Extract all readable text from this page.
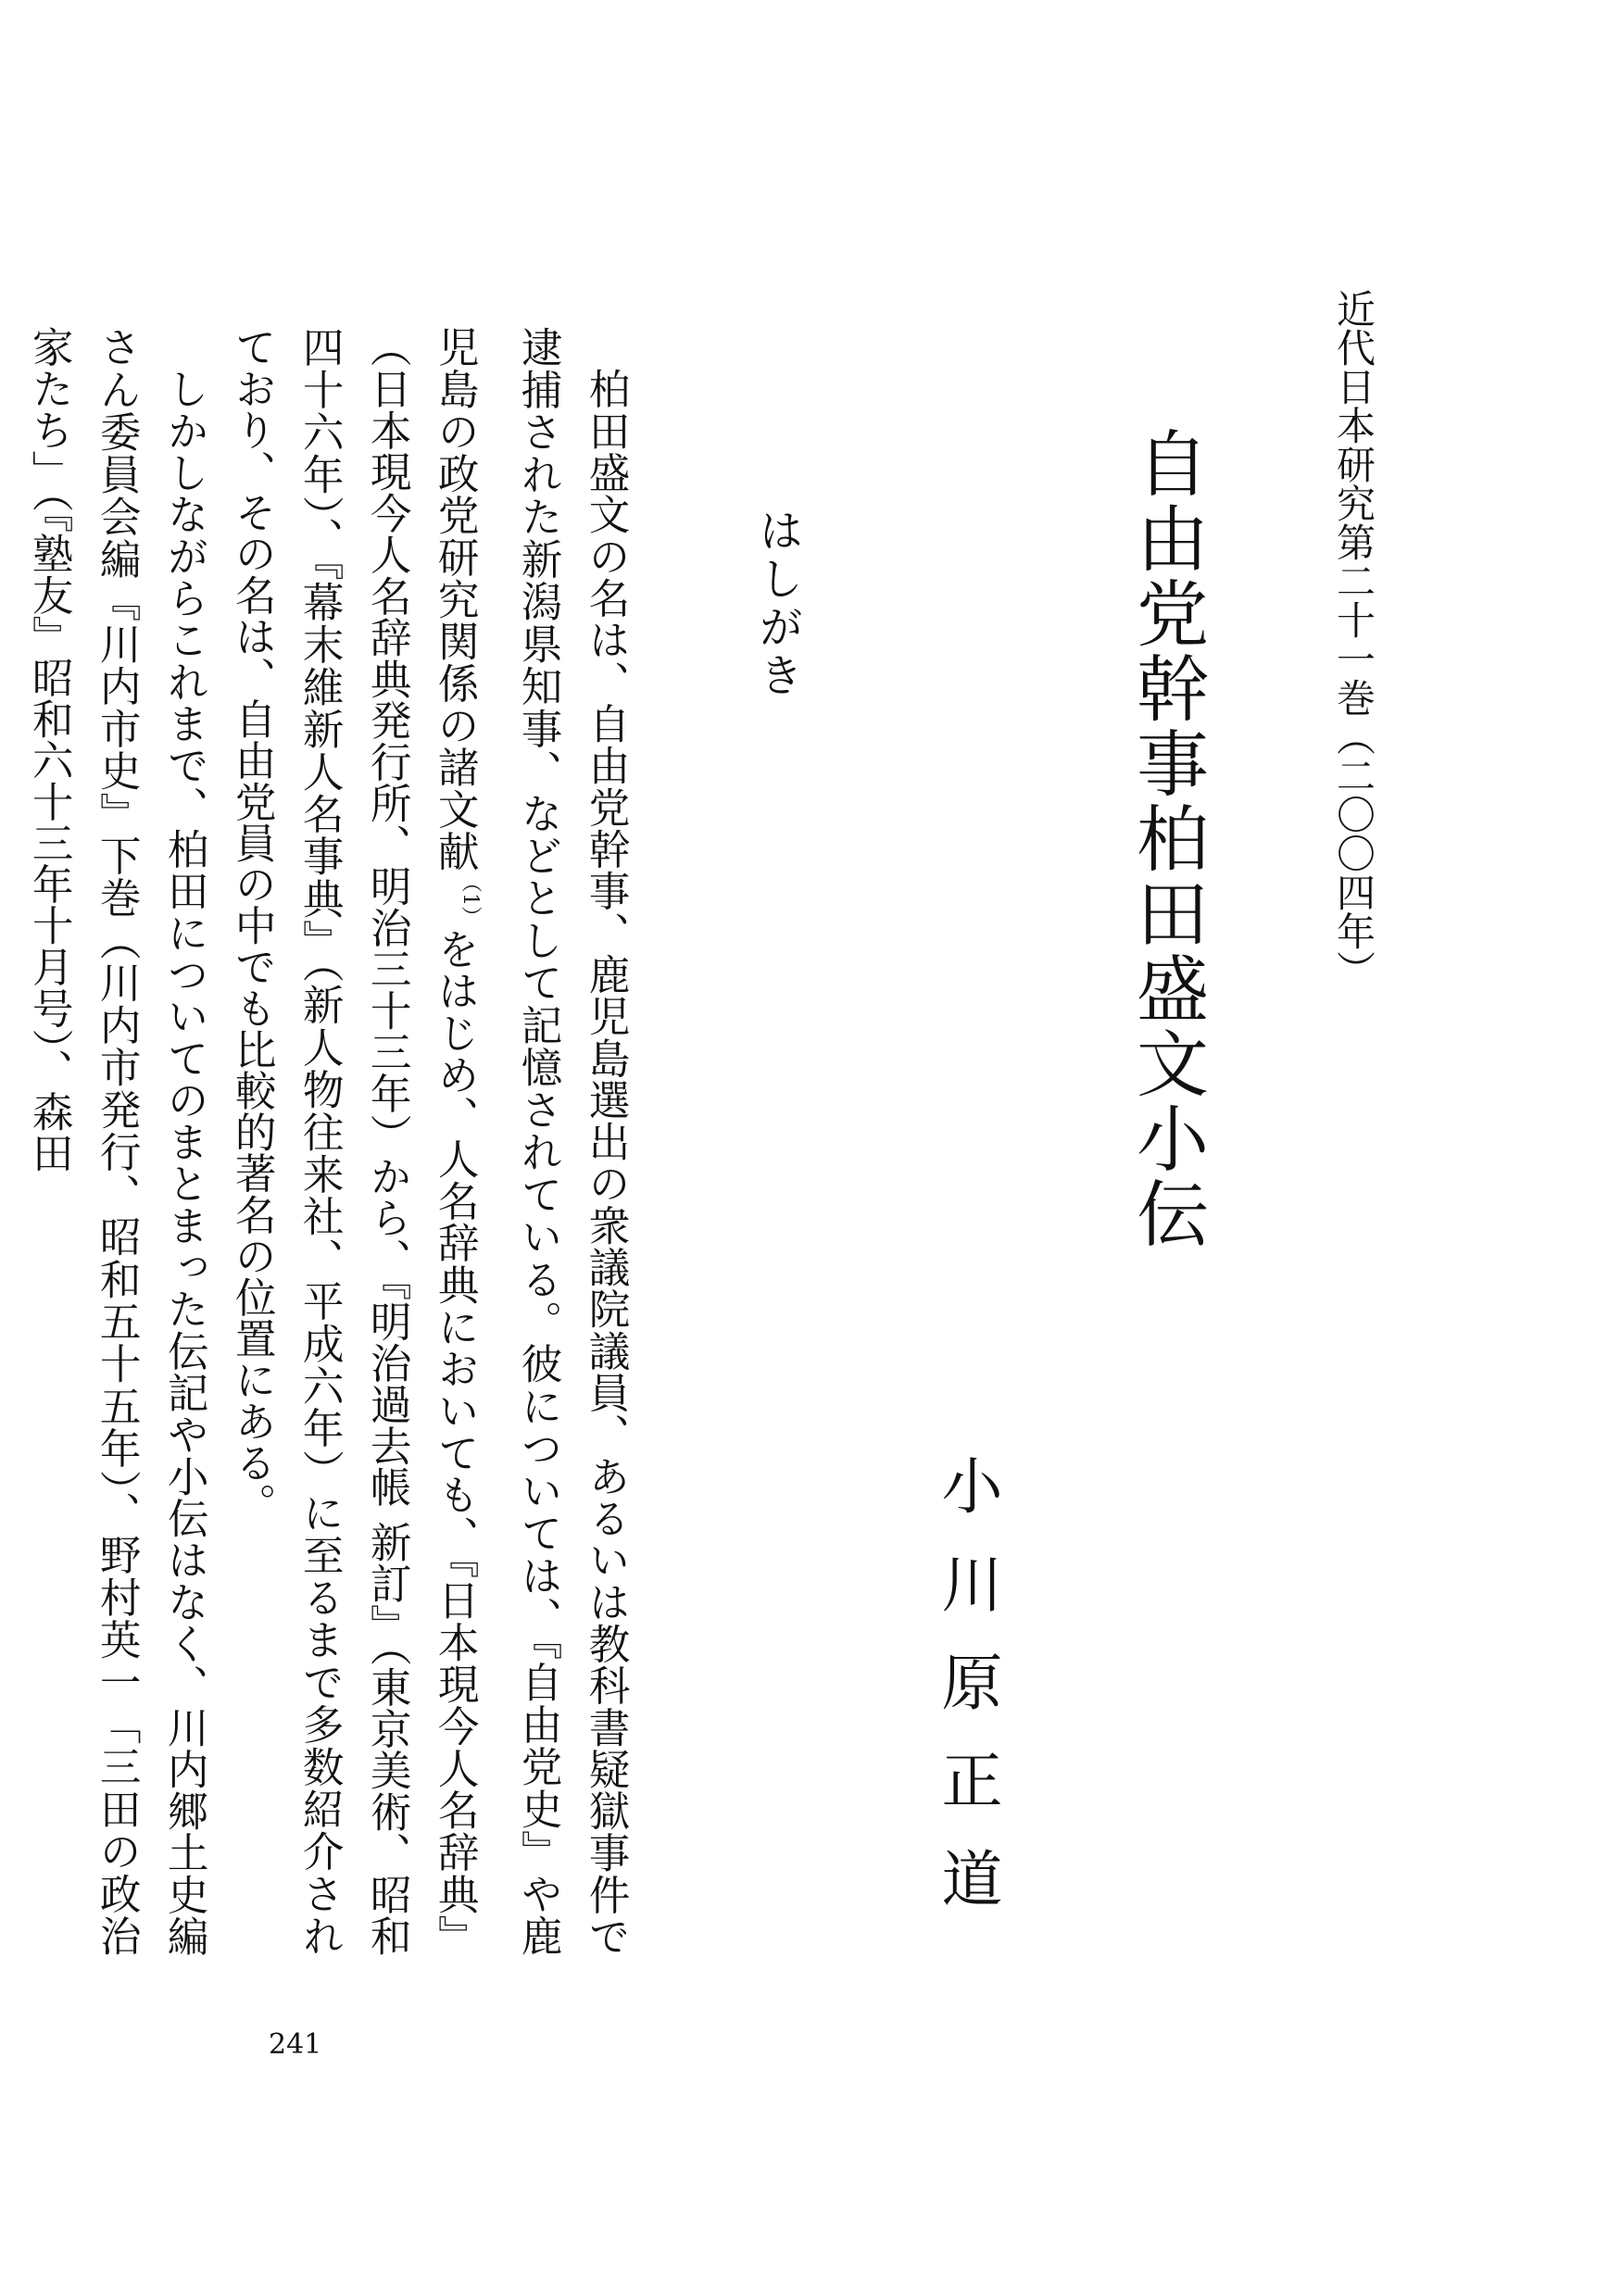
近代日本研究第二十一巻（二〇〇四年）
自由党幹事柏田盛文小伝
小川原正道
はしがき

柏田盛文の名は、自由党幹事、鹿児島選出の衆議院議員、あるいは教科書疑獄事件で逮捕された新潟県知事、などとして記憶されている。彼については、『自由党史』や鹿児島の政党研究関係の諸文献$^{(1)}$をはじめ、人名辞典においても、『日本現今人名辞典』（日本現今人名辞典発行所、明治三十三年）から、『明治過去帳 新訂』（東京美術、昭和四十六年）、『幕末維新人名事典』（新人物往来社、平成六年）に至るまで多数紹介されており、その名は、自由党員の中でも比較的著名の位置にある。

しかしながらこれまで、柏田についてのまとまった伝記や小伝はなく、川内郷土史編さん委員会編『川内市史』下巻（川内市発行、昭和五十五年）、野村英一「三田の政治家たち」（『塾友』昭和六十三年十月号）、森田

241
